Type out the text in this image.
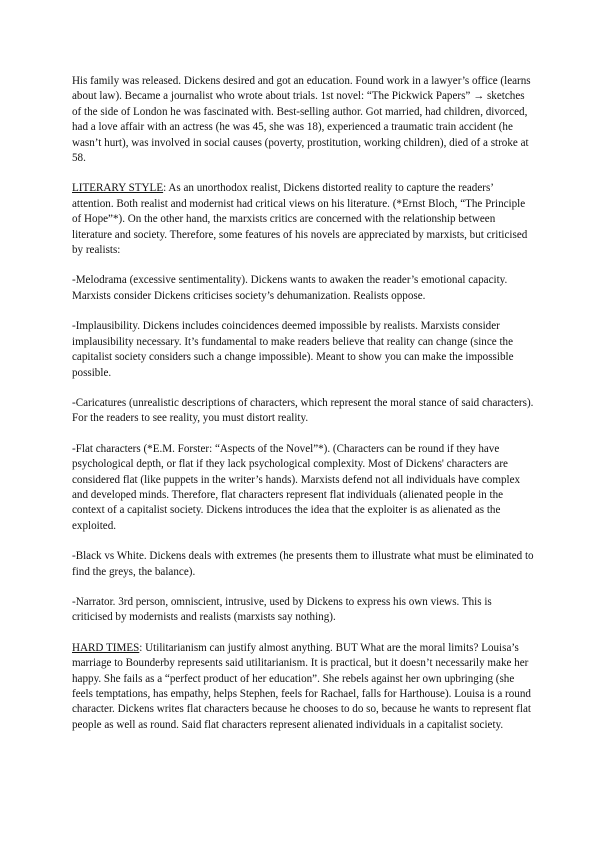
His family was released. Dickens desired and got an education. Found work in a lawyer’s office (learns about law). Became a journalist who wrote about trials. 1st novel: “The Pickwick Papers” → sketches of the side of London he was fascinated with. Best-selling author. Got married, had children, divorced, had a love affair with an actress (he was 45, she was 18), experienced a traumatic train accident (he wasn’t hurt), was involved in social causes (poverty, prostitution, working children), died of a stroke at 58.

LITERARY STYLE: As an unorthodox realist, Dickens distorted reality to capture the readers’ attention. Both realist and modernist had critical views on his literature. (*Ernst Bloch, “The Principle of Hope”*). On the other hand, the marxists critics are concerned with the relationship between literature and society. Therefore, some features of his novels are appreciated by marxists, but criticised by realists:

-Melodrama (excessive sentimentality). Dickens wants to awaken the reader’s emotional capacity. Marxists consider Dickens criticises society’s dehumanization. Realists oppose.

-Implausibility. Dickens includes coincidences deemed impossible by realists. Marxists consider implausibility necessary. It’s fundamental to make readers believe that reality can change (since the capitalist society considers such a change impossible). Meant to show you can make the impossible possible.

-Caricatures (unrealistic descriptions of characters, which represent the moral stance of said characters). For the readers to see reality, you must distort reality.

-Flat characters (*E.M. Forster: “Aspects of the Novel”*). (Characters can be round if they have psychological depth, or flat if they lack psychological complexity. Most of Dickens' characters are considered flat (like puppets in the writer’s hands). Marxists defend not all individuals have complex and developed minds. Therefore, flat characters represent flat individuals (alienated people in the context of a capitalist society. Dickens introduces the idea that the exploiter is as alienated as the exploited.

-Black vs White. Dickens deals with extremes (he presents them to illustrate what must be eliminated to find the greys, the balance).

-Narrator. 3rd person, omniscient, intrusive, used by Dickens to express his own views. This is criticised by modernists and realists (marxists say nothing).

HARD TIMES: Utilitarianism can justify almost anything. BUT What are the moral limits? Louisa’s marriage to Bounderby represents said utilitarianism. It is practical, but it doesn’t necessarily make her happy. She fails as a “perfect product of her education”. She rebels against her own upbringing (she feels temptations, has empathy, helps Stephen, feels for Rachael, falls for Harthouse). Louisa is a round character. Dickens writes flat characters because he chooses to do so, because he wants to represent flat people as well as round. Said flat characters represent alienated individuals in a capitalist society.
